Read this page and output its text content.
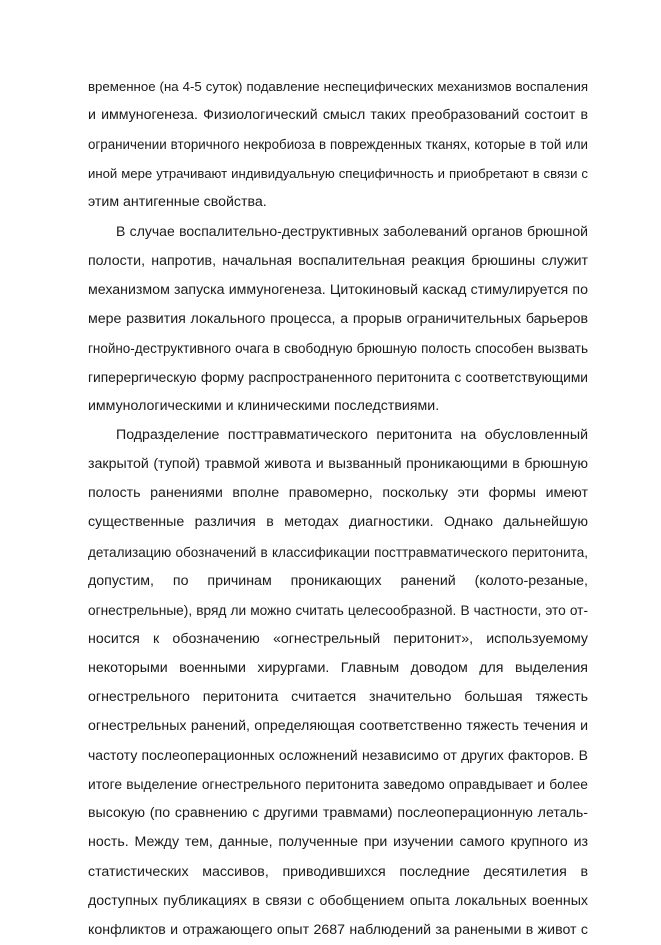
временное (на 4-5 суток) подавление неспецифических механизмов воспаления
и иммуногенеза. Физиологический смысл таких преобразований состоит в
ограничении вторичного некробиоза в поврежденных тканях, которые в той или
иной мере утрачивают индивидуальную специфичность и приобретают в связи с
этим антигенные свойства.

В случае воспалительно-деструктивных заболеваний органов брюшной
полости, напротив, начальная воспалительная реакция брюшины служит
механизмом запуска иммуногенеза. Цитокиновый каскад стимулируется по
мере развития локального процесса, а прорыв ограничительных барьеров
гнойно-деструктивного очага в свободную брюшную полость способен вызвать
гиперергическую форму распространенного перитонита с соответствующими
иммунологическими и клиническими последствиями.

Подразделение посттравматического перитонита на обусловленный
закрытой (тупой) травмой живота и вызванный проникающими в брюшную
полость ранениями вполне правомерно, поскольку эти формы имеют
существенные различия в методах диагностики. Однако дальнейшую
детализацию обозначений в классификации посттравматического перитонита,
допустим, по причинам проникающих ранений (колото-резаные,
огнестрельные), вряд ли можно считать целесообразной. В частности, это от-
носится к обозначению «огнестрельный перитонит», используемому
некоторыми военными хирургами. Главным доводом для выделения
огнестрельного перитонита считается значительно большая тяжесть
огнестрельных ранений, определяющая соответственно тяжесть течения и
частоту послеоперационных осложнений независимо от других факторов. В
итоге выделение огнестрельного перитонита заведомо оправдывает и более
высокую (по сравнению с другими травмами) послеоперационную леталь-
ность. Между тем, данные, полученные при изучении самого крупного из
статистических массивов, приводившихся последние десятилетия в
доступных публикациях в связи с обобщением опыта локальных военных
конфликтов и отражающего опыт 2687 наблюдений за ранеными в живот с
